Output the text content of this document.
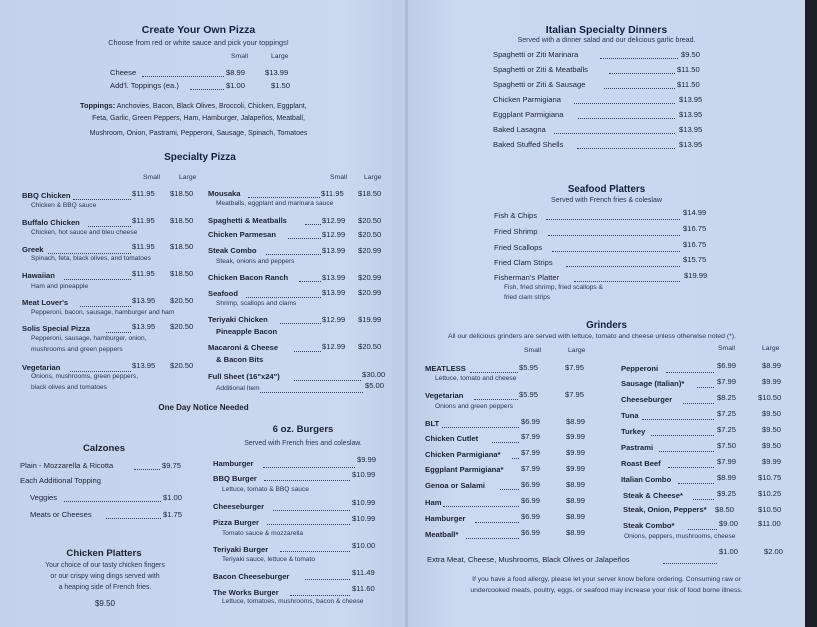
Create Your Own Pizza
Choose from red or white sauce and pick your toppings!
Small	Large
Cheese	$8.99	$13.99
Add'l. Toppings (ea.)	$1.00	$1.50
Toppings: Anchovies, Bacon, Black Olives, Broccoli, Chicken, Eggplant,
Feta, Garlic, Green Peppers, Ham, Hamburger, Jalapeños, Meatball,
Mushroom, Onion, Pastrami, Pepperoni, Sausage, Spinach, Tomatoes
Specialty Pizza
Small	Large	Small	Large
BBQ Chicken	$11.95 $18.50
Chicken & BBQ sauce
Buffalo Chicken	$11.95 $18.50
Chicken, hot sauce and bleu cheese
Greek	$11.95 $18.50
Spinach, feta, black olives, and tomatoes
Hawaiian	$11.95 $18.50
Ham and pineapple
Meat Lover's	$13.95 $20.50
Pepperoni, bacon, sausage, hamburger and ham
Solis Special Pizza	$13.95 $20.50
Pepperoni, sausage, hamburger, onion,
mushrooms and green peppers
Vegetarian	$13.95 $20.50
Onions, mushrooms, green peppers,
black olives and tomatoes
Mousaka	$11.95 $18.50
Meatballs, eggplant and marinara sauce
Spaghetti & Meatballs	$12.99 $20.50
Chicken Parmesan	$12.99 $20.50
Steak Combo	$13.99 $20.99
Steak, onions and peppers
Chicken Bacon Ranch	$13.99 $20.99
Seafood	$13.99 $20.99
Shrimp, scallops and clams
Teriyaki Chicken	$12.99 $19.99
Pineapple Bacon
Macaroni & Cheese	$12.99 $20.50
& Bacon Bits
Full Sheet (16"x24")	$30.00
Additional Item	$5.00
One Day Notice Needed
Calzones
Plain - Mozzarella & Ricotta	$9.75
Each Additional Topping
Veggies	$1.00
Meats or Cheeses	$1.75
Chicken Platters
Your choice of our tasty chicken fingers
or our crispy wing dings served with
a heaping side of French fries.
$9.50
6 oz. Burgers
Served with French fries and coleslaw.
Hamburger	$9.99
BBQ Burger	$10.99
Lettuce, tomato & BBQ sauce
Cheeseburger	$10.99
Pizza Burger	$10.99
Tomato sauce & mozzarella
Teriyaki Burger	$10.00
Teriyaki sauce, lettuce & tomato
Bacon Cheeseburger	$11.49
The Works Burger	$11.60
Lettuce, tomatoes, mushrooms, bacon & cheese
Italian Specialty Dinners
Served with a dinner salad and our delicious garlic bread.
Spaghetti or Ziti Marinara	$9.50
Spaghetti or Ziti & Meatballs	$11.50
Spaghetti or Ziti & Sausage	$11.50
Chicken Parmigiana	$13.95
Eggplant Parmigiana	$13.95
Baked Lasagna	$13.95
Baked Stuffed Shells	$13.95
Seafood Platters
Served with French fries & coleslaw
Fish & Chips	$14.99
Fried Shrimp	$16.75
Fried Scallops	$16.75
Fried Clam Strips	$15.75
Fisherman's Platter	$19.99
Fish, fried shrimp, fried scallops &
fried clam strips
Grinders
All our delicious grinders are served with lettuce, tomato and cheese unless otherwise noted (*).
Small	Large	Small	Large
MEATLESS	$5.95	$7.95
Lettuce, tomato and cheese
Vegetarian	$5.95	$7.95
Onions and green peppers
BLT	$6.99	$8.99
Chicken Cutlet	$7.99	$9.99
Chicken Parmigiana*	$7.99	$9.99
Eggplant Parmigiana* $7.99	$9.99
Genoa or Salami	$6.99	$8.99
Ham	$6.99	$8.99
Hamburger	$6.99	$8.99
Meatball*	$6.99	$8.99
Pepperoni	$6.99	$8.99
Sausage (Italian)*	$7.99	$9.99
Cheeseburger	$8.25	$10.50
Tuna	$7.25	$9.50
Turkey	$7.25	$9.50
Pastrami	$7.50	$9.50
Roast Beef	$7.99	$9.99
Italian Combo	$8.99	$10.75
Steak & Cheese*	$9.25	$10.25
Steak, Onion, Peppers* $8.50	$10.50
Steak Combo*	$9.00	$11.00
Onions, peppers, mushrooms, cheese
Extra Meat, Cheese, Mushrooms, Black Olives or Jalapeños
$1.00	$2.00
If you have a food allergy, please let your server know before ordering. Consuming raw or
undercooked meats, poultry, eggs, or seafood may increase your risk of food borne illness.
